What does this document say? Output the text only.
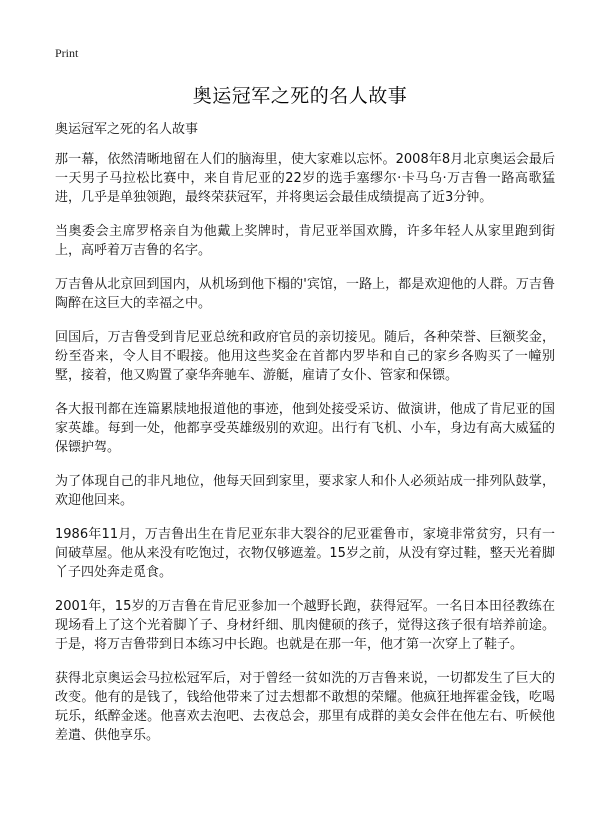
Print
奥运冠军之死的名人故事
奥运冠军之死的名人故事

那一幕，依然清晰地留在人们的脑海里，使大家难以忘怀。2008年8月北京奥运会最后一天男子马拉松比赛中，来自肯尼亚的22岁的选手塞缪尔·卡马乌·万吉鲁一路高歌猛进，几乎是单独领跑，最终荣获冠军，并将奥运会最佳成绩提高了近3分钟。

当奥委会主席罗格亲自为他戴上奖牌时，肯尼亚举国欢腾，许多年轻人从家里跑到街上，高呼着万吉鲁的名字。

万吉鲁从北京回到国内，从机场到他下榻的'宾馆，一路上，都是欢迎他的人群。万吉鲁陶醉在这巨大的幸福之中。

回国后，万吉鲁受到肯尼亚总统和政府官员的亲切接见。随后，各种荣誉、巨额奖金，纷至沓来，令人目不暇接。他用这些奖金在首都内罗毕和自己的家乡各购买了一幢别墅，接着，他又购置了豪华奔驰车、游艇，雇请了女仆、管家和保镖。

各大报刊都在连篇累牍地报道他的事迹，他到处接受采访、做演讲，他成了肯尼亚的国家英雄。每到一处，他都享受英雄级别的欢迎。出行有飞机、小车，身边有高大威猛的保镖护驾。

为了体现自己的非凡地位，他每天回到家里，要求家人和仆人必须站成一排列队鼓掌，欢迎他回来。

1986年11月，万吉鲁出生在肯尼亚东非大裂谷的尼亚霍鲁市，家境非常贫穷，只有一间破草屋。他从来没有吃饱过，衣物仅够遮羞。15岁之前，从没有穿过鞋，整天光着脚丫子四处奔走觅食。

2001年，15岁的万吉鲁在肯尼亚参加一个越野长跑，获得冠军。一名日本田径教练在现场看上了这个光着脚丫子、身材纤细、肌肉健硕的孩子，觉得这孩子很有培养前途。于是，将万吉鲁带到日本练习中长跑。也就是在那一年，他才第一次穿上了鞋子。

获得北京奥运会马拉松冠军后，对于曾经一贫如洗的万吉鲁来说，一切都发生了巨大的改变。他有的是钱了，钱给他带来了过去想都不敢想的荣耀。他疯狂地挥霍金钱，吃喝玩乐，纸醉金迷。他喜欢去泡吧、去夜总会，那里有成群的美女会伴在他左右、听候他差遣、供他享乐。
